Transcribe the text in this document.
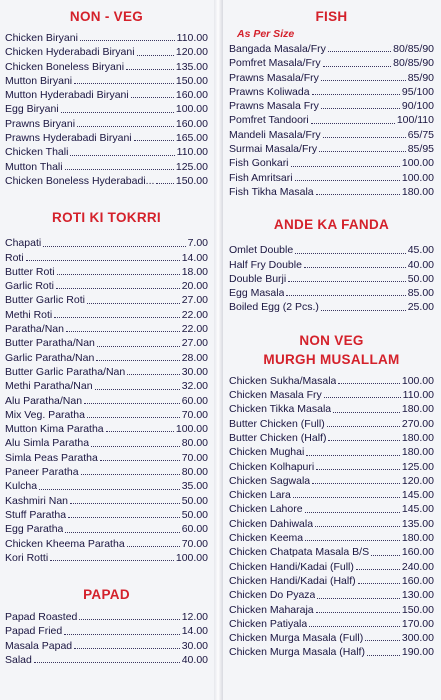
NON - VEG
Chicken Biryani	110.00
Chicken Hyderabadi Biryani	120.00
Chicken Boneless Biryani	135.00
Mutton Biryani	150.00
Mutton Hyderabadi Biryani	160.00
Egg Biryani	100.00
Prawns Biryani	160.00
Prawns Hyderabadi Biryani	165.00
Chicken Thali	110.00
Mutton Thali	125.00
Chicken Boneless Hyderabadi... 150.00
ROTI KI TOKRRI
Chapati	7.00
Roti	14.00
Butter Roti	18.00
Garlic Roti	20.00
Butter Garlic Roti	27.00
Methi Roti	22.00
Paratha/Nan	22.00
Butter Paratha/Nan	27.00
Garlic Paratha/Nan	28.00
Butter Garlic Paratha/Nan	30.00
Methi Paratha/Nan	32.00
Alu Paratha/Nan	60.00
Mix Veg. Paratha	70.00
Mutton Kima Paratha	100.00
Alu Simla Paratha	80.00
Simla Peas Paratha	70.00
Paneer Paratha	80.00
Kulcha	35.00
Kashmiri Nan	50.00
Stuff Paratha	50.00
Egg Paratha	60.00
Chicken Kheema Paratha	70.00
Kori Rotti	100.00
PAPAD
Papad Roasted	12.00
Papad Fried	14.00
Masala Papad	30.00
Salad	40.00
FISH
As Per Size
Bangada Masala/Fry	80/85/90
Pomfret Masala/Fry	80/85/90
Prawns Masala/Fry	85/90
Prawns Koliwada	95/100
Prawns Masala Fry	90/100
Pomfret Tandoori	100/110
Mandeli Masala/Fry	65/75
Surmai Masala/Fry	85/95
Fish Gonkari	100.00
Fish Amritsari	100.00
Fish Tikha Masala	180.00
ANDE KA FANDA
Omlet Double	45.00
Half Fry Double	40.00
Double Burji	50.00
Egg Masala	85.00
Boiled Egg (2 Pcs.)	25.00
NON VEG
MURGH MUSALLAM
Chicken Sukha/Masala	100.00
Chicken Masala Fry	110.00
Chicken Tikka Masala	180.00
Butter Chicken (Full)	270.00
Butter Chicken (Half)	180.00
Chicken Mughai	180.00
Chicken Kolhapuri	125.00
Chicken Sagwala	120.00
Chicken Lara	145.00
Chicken Lahore	145.00
Chicken Dahiwala	135.00
Chicken Keema	180.00
Chicken Chatpata Masala B/S	160.00
Chicken Handi/Kadai (Full)	240.00
Chicken Handi/Kadai (Half)	160.00
Chicken Do Pyaza	130.00
Chicken Maharaja	150.00
Chicken Patiyala	170.00
Chicken Murga Masala (Full)	300.00
Chicken Murga Masala (Half)	190.00
